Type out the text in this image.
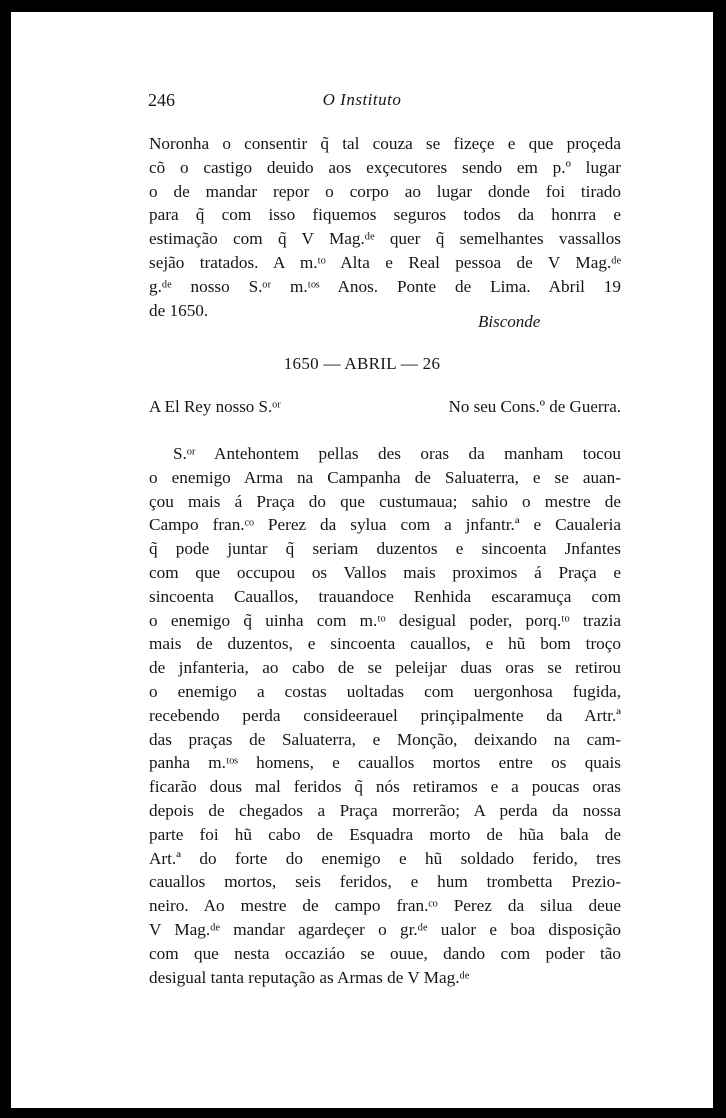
246	O Instituto
Noronha o consentir q̃ tal couza se fizeçe e que proçeda
cõ o castigo deuido aos exçecutores sendo em p.º lugar
o de mandar repor o corpo ao lugar donde foi tirado
para q̃ com isso fiquemos seguros todos da honrra e
estimação com q̃ V Mag.ᵈᵉ quer q̃ semelhantes vassallos
sejão tratados. A m.ᵗᵒ Alta e Real pessoa de V Mag.ᵈᵉ
g.ᵈᵉ nosso S.ᵒʳ m.ᵗᵒˢ Anos. Ponte de Lima. Abril 19
de 1650.
Bisconde
1650 — ABRIL — 26
A El Rey nosso S.ᵒʳ	No seu Cons.º de Guerra.
S.ᵒʳ Antehontem pellas des oras da manham tocou
o enemigo Arma na Campanha de Saluaterra, e se auan-
çou mais á Praça do que custumaua; sahio o mestre de
Campo fran.ᶜᵒ Perez da sylua com a jnfantr.ª e Caualeria
q̃ pode juntar q̃ seriam duzentos e sincoenta Jnfantes
com que occupou os Vallos mais proximos á Praça e
sincoenta Cauallos, trauandoce Renhida escaramuça com
o enemigo q̃ uinha com m.ᵗᵒ desigual poder, porq.ᵗᵒ trazia
mais de duzentos, e sincoenta cauallos, e hũ bom troço
de jnfanteria, ao cabo de se peleijar duas oras se retirou
o enemigo a costas uoltadas com uergonhosa fugida,
recebendo perda consideerauel prinçipalmente da Artr.ª
das praças de Saluaterra, e Monção, deixando na cam-
panha m.ᵗᵒˢ homens, e cauallos mortos entre os quais
ficarão dous mal feridos q̃ nós retiramos e a poucas oras
depois de chegados a Praça morrerão; A perda da nossa
parte foi hũ cabo de Esquadra morto de hũa bala de
Art.ª do forte do enemigo e hũ soldado ferido, tres
cauallos mortos, seis feridos, e hum trombetta Prezio-
neiro. Ao mestre de campo fran.ᶜᵒ Perez da silua deue
V Mag.ᵈᵉ mandar agardeçer o gr.ᵈᵉ ualor e boa disposição
com que nesta occaziáo se ouue, dando com poder tão
desigual tanta reputação as Armas de V Mag.ᵈᵉ
